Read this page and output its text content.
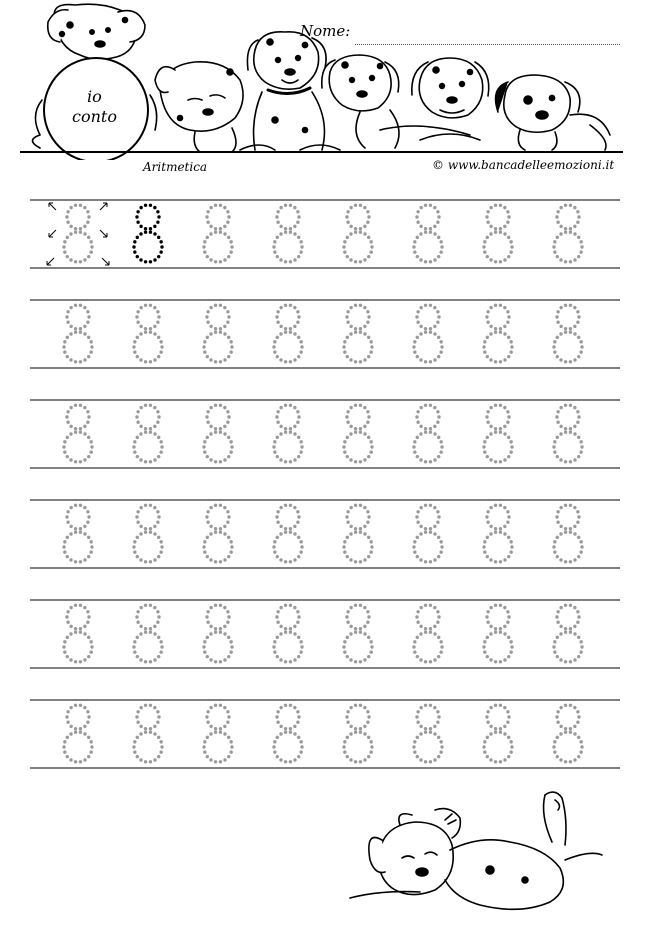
io
conto
Nome:
Aritmetica	© www.bancadelleemozioni.it
